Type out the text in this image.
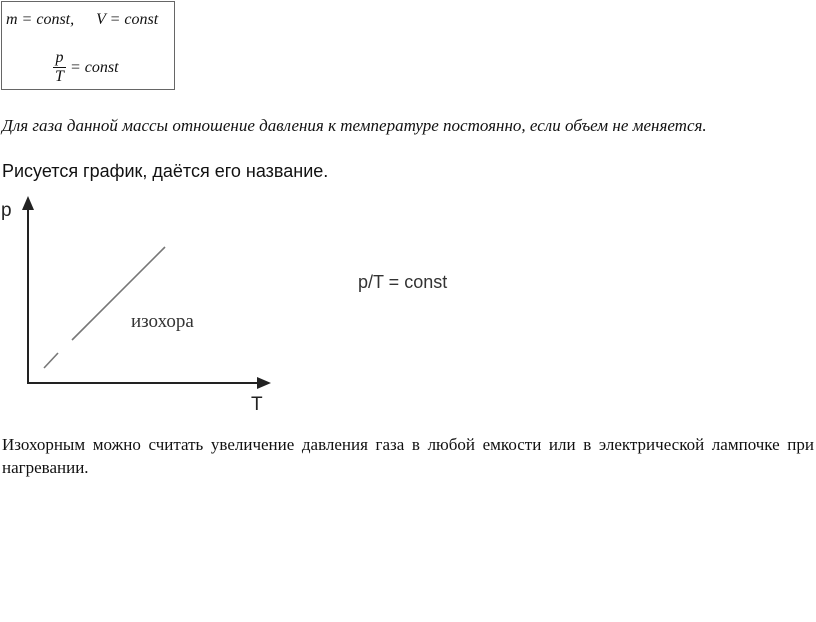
m = const, V = const
p
T
= const
Для газа данной массы отношение давления к температуре постоянно, если объем не меняется.
Рисуется график, даётся его название.
p
T
изохора
p/T = const
Изохорным можно считать увеличение давления газа в любой емкости или в электрической лампочке при нагревании.
